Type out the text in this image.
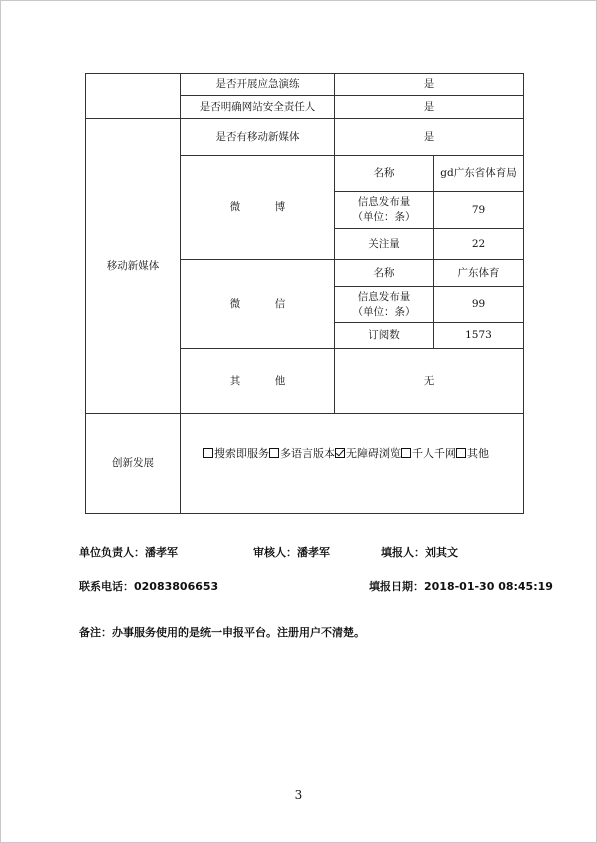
	是否开展应急演练	是	
	是否明确网站安全责任人	是	
移动新媒体	是否有移动新媒体	是	
	微　博	名称	gd广东省体育局
		信息发布量（单位：条）	79
		关注量	22
	微　信	名称	广东体育
		信息发布量（单位：条）	99
		订阅数	1573
	其　他	无	
创新发展	搜索即服务 多语言版本 无障碍浏览 千人千网 其他		
单位负责人：潘孝军	审核人：潘孝军	填报人：刘其文
联系电话：02083806653	填报日期：2018-01-30 08:45:19
备注：办事服务使用的是统一申报平台。注册用户不清楚。
3
